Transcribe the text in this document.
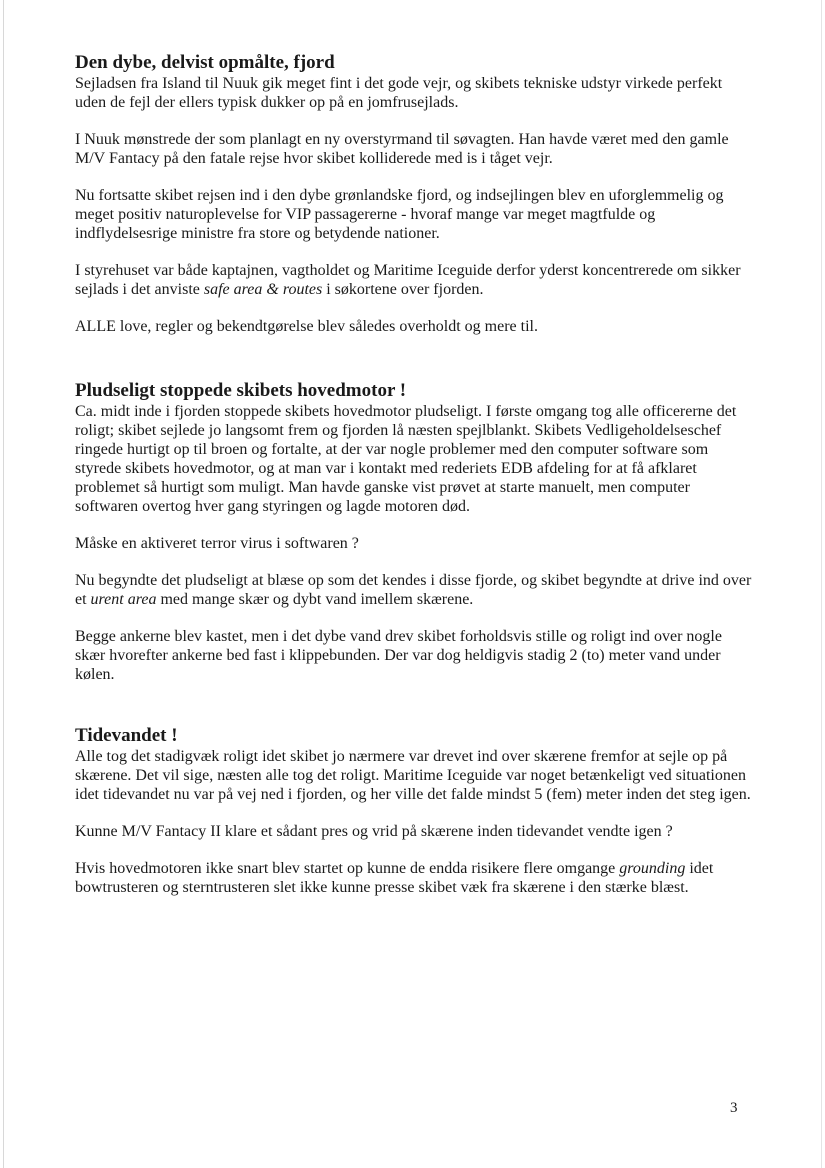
Den dybe, delvist opmålte, fjord

Sejladsen fra Island til Nuuk gik meget fint i det gode vejr, og skibets tekniske udstyr virkede perfekt uden de fejl der ellers typisk dukker op på en jomfrusejlads.

I Nuuk mønstrede der som planlagt en ny overstyrmand til søvagten. Han havde været med den gamle M/V Fantacy på den fatale rejse hvor skibet kolliderede med is i tåget vejr.

Nu fortsatte skibet rejsen ind i den dybe grønlandske fjord, og indsejlingen blev en uforglemmelig og meget positiv naturoplevelse for VIP passagererne - hvoraf mange var meget magtfulde og indflydelsesrige ministre fra store og betydende nationer.

I styrehuset var både kaptajnen, vagtholdet og Maritime Iceguide derfor yderst koncentrerede om sikker sejlads i det anviste safe area & routes i søkortene over fjorden.

ALLE love, regler og bekendtgørelse blev således overholdt og mere til.

Pludseligt stoppede skibets hovedmotor !

Ca. midt inde i fjorden stoppede skibets hovedmotor pludseligt. I første omgang tog alle officererne det roligt; skibet sejlede jo langsomt frem og fjorden lå næsten spejlblankt. Skibets Vedligeholdelseschef ringede hurtigt op til broen og fortalte, at der var nogle problemer med den computer software som styrede skibets hovedmotor, og at man var i kontakt med rederiets EDB afdeling for at få afklaret problemet så hurtigt som muligt. Man havde ganske vist prøvet at starte manuelt, men computer softwaren overtog hver gang styringen og lagde motoren død.

Måske en aktiveret terror virus i softwaren ?

Nu begyndte det pludseligt at blæse op som det kendes i disse fjorde, og skibet begyndte at drive ind over et urent area med mange skær og dybt vand imellem skærene.

Begge ankerne blev kastet, men i det dybe vand drev skibet forholdsvis stille og roligt ind over nogle skær hvorefter ankerne bed fast i klippebunden. Der var dog heldigvis stadig 2 (to) meter vand under kølen.

Tidevandet !

Alle tog det stadigvæk roligt idet skibet jo nærmere var drevet ind over skærene fremfor at sejle op på skærene. Det vil sige, næsten alle tog det roligt. Maritime Iceguide var noget betænkeligt ved situationen idet tidevandet nu var på vej ned i fjorden, og her ville det falde mindst 5 (fem) meter inden det steg igen.

Kunne M/V Fantacy II klare et sådant pres og vrid på skærene inden tidevandet vendte igen ?

Hvis hovedmotoren ikke snart blev startet op kunne de endda risikere flere omgange grounding idet bowtrusteren og sterntrusteren slet ikke kunne presse skibet væk fra skærene i den stærke blæst.

3
